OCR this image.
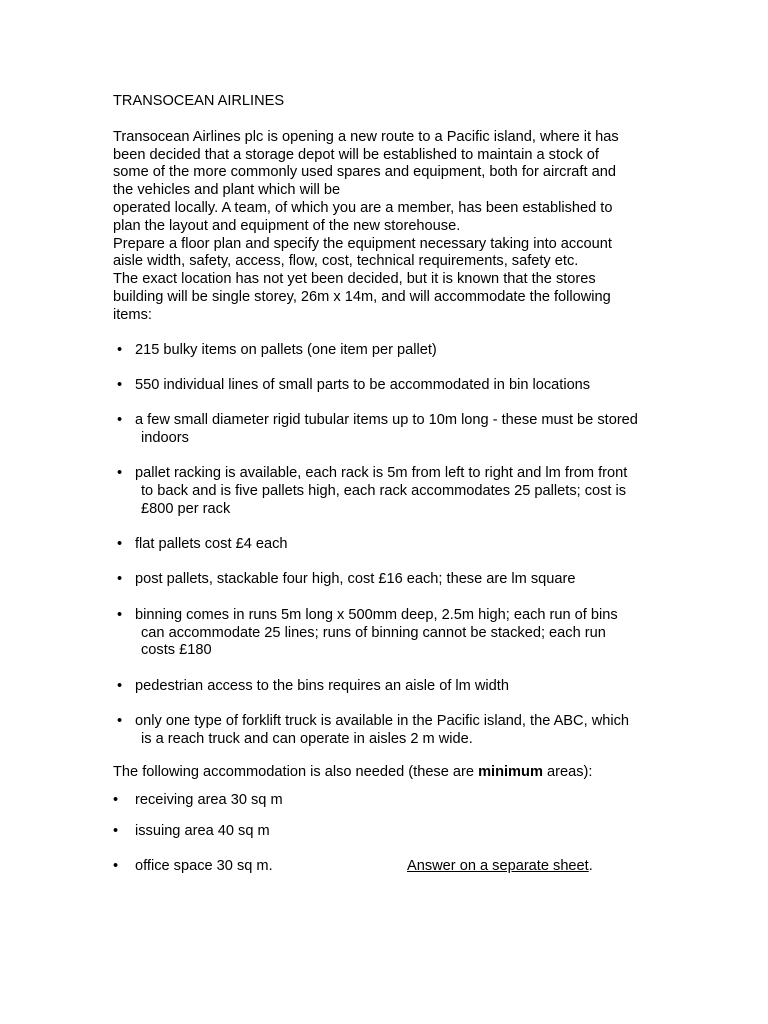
TRANSOCEAN AIRLINES

Transocean Airlines plc is opening a new route to a Pacific island, where it has

been decided that a storage depot will be established to maintain a stock of

some of the more commonly used spares and equipment, both for aircraft and

the vehicles and plant which will be

operated locally. A team, of which you are a member, has been established to

plan the layout and equipment of the new storehouse.

Prepare a floor plan and specify the equipment necessary taking into account

aisle width, safety, access, flow, cost, technical requirements, safety etc.

The exact location has not yet been decided, but it is known that the stores

building will be single storey, 26m x 14m, and will accommodate the following

items:

• 215 bulky items on pallets (one item per pallet)
• 550 individual lines of small parts to be accommodated in bin locations
• a few small diameter rigid tubular items up to 10m long - these must be stored
indoors
• pallet racking is available, each rack is 5m from left to right and lm from front
to back and is five pallets high, each rack accommodates 25 pallets; cost is
£800 per rack
• flat pallets cost £4 each
• post pallets, stackable four high, cost £16 each; these are lm square
• binning comes in runs 5m long x 500mm deep, 2.5m high; each run of bins
can accommodate 25 lines; runs of binning cannot be stacked; each run
costs £180
• pedestrian access to the bins requires an aisle of lm width
• only one type of forklift truck is available in the Pacific island, the ABC, which
is a reach truck and can operate in aisles 2 m wide.

The following accommodation is also needed (these are minimum areas):

• receiving area 30 sq m
• issuing area 40 sq m
• office space 30 sq m.	Answer on a separate sheet.
